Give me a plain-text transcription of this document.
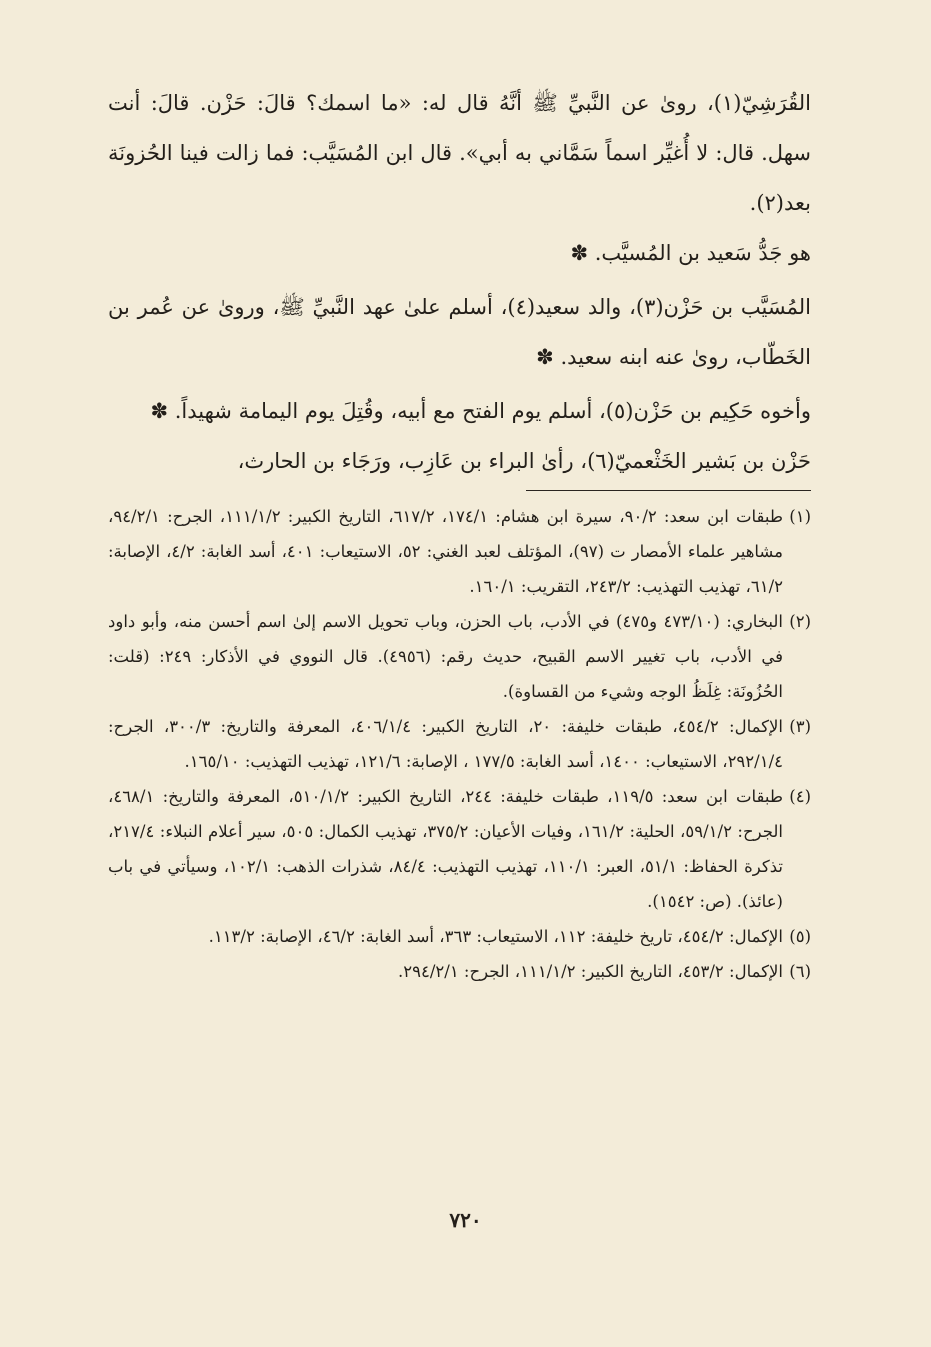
القُرَشِيّ(١)، روىٰ عن النَّبيِّ ﷺ أنَّهُ قال له: «ما اسمك؟ قالَ: حَزْن. قالَ: أنت سهل. قال: لا أُغيِّر اسماً سَمَّاني به أبي». قال ابن المُسَيَّب: فما زالت فينا الحُزونَة بعد(٢).

هو جَدُّ سَعيد بن المُسيَّب. ✽

المُسَيَّب بن حَزْن(٣)، والد سعيد(٤)، أسلم علىٰ عهد النَّبيِّ ﷺ، وروىٰ عن عُمر بن الخَطّاب، روىٰ عنه ابنه سعيد. ✽

وأخوه حَكِيم بن حَزْن(٥)، أسلم يوم الفتح مع أبيه، وقُتِلَ يوم اليمامة شهيداً. ✽

حَزْن بن بَشير الخَثْعميّ(٦)، رأىٰ البراء بن عَازِب، ورَجَاء بن الحارث،

(١)
طبقات ابن سعد: ٩٠/٢، سيرة ابن هشام: ١٧٤/١، ٦١٧/٢، التاريخ الكبير: ١١١/١/٢، الجرح: ٩٤/٢/١، مشاهير علماء الأمصار ت (٩٧)، المؤتلف لعبد الغني: ٥٢، الاستيعاب: ٤٠١، أسد الغابة: ٤/٢، الإصابة: ٦١/٢، تهذيب التهذيب: ٢٤٣/٢، التقريب: ١٦٠/١.
(٢)
البخاري: (٤٧٣/١٠ و٤٧٥) في الأدب، باب الحزن، وباب تحويل الاسم إلىٰ اسم أحسن منه، وأبو داود في الأدب، باب تغيير الاسم القبيح، حديث رقم: (٤٩٥٦). قال النووي في الأذكار: ٢٤٩: (قلت: الحُزُونَة: غِلَظُ الوجه وشيء من القساوة).
(٣)
الإكمال: ٤٥٤/٢، طبقات خليفة: ٢٠، التاريخ الكبير: ٤٠٦/١/٤، المعرفة والتاريخ: ٣٠٠/٣، الجرح: ٢٩٢/١/٤، الاستيعاب: ١٤٠٠، أسد الغابة: ١٧٧/٥ ، الإصابة: ١٢١/٦، تهذيب التهذيب: ١٦٥/١٠.
(٤)
طبقات ابن سعد: ١١٩/٥، طبقات خليفة: ٢٤٤، التاريخ الكبير: ٥١٠/١/٢، المعرفة والتاريخ: ٤٦٨/١، الجرح: ٥٩/١/٢، الحلية: ١٦١/٢، وفيات الأعيان: ٣٧٥/٢، تهذيب الكمال: ٥٠٥، سير أعلام النبلاء: ٢١٧/٤، تذكرة الحفاظ: ٥١/١، العبر: ١١٠/١، تهذيب التهذيب: ٨٤/٤، شذرات الذهب: ١٠٢/١، وسيأتي في باب (عائذ). (ص: ١٥٤٢).
(٥)
الإكمال: ٤٥٤/٢، تاريخ خليفة: ١١٢، الاستيعاب: ٣٦٣، أسد الغابة: ٤٦/٢، الإصابة: ١١٣/٢.
(٦)
الإكمال: ٤٥٣/٢، التاريخ الكبير: ١١١/١/٢، الجرح: ٢٩٤/٢/١.
٧٢٠
